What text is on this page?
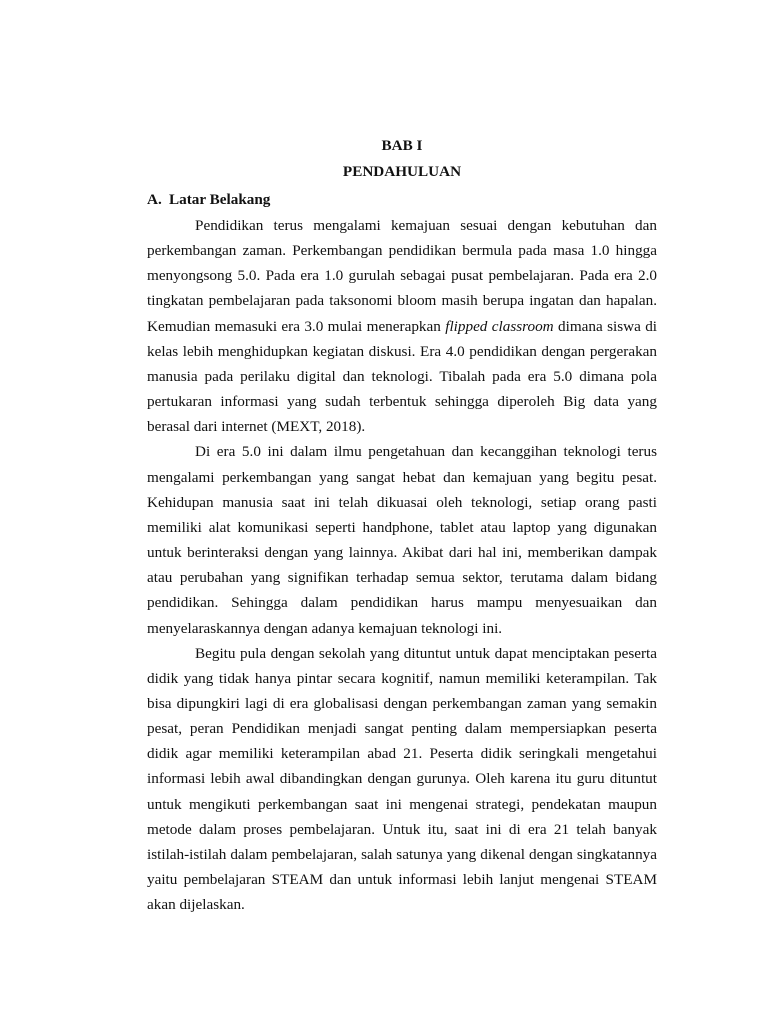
BAB I
PENDAHULUAN
A. Latar Belakang

Pendidikan terus mengalami kemajuan sesuai dengan kebutuhan dan perkembangan zaman. Perkembangan pendidikan bermula pada masa 1.0 hingga menyongsong 5.0. Pada era 1.0 gurulah sebagai pusat pembelajaran. Pada era 2.0 tingkatan pembelajaran pada taksonomi bloom masih berupa ingatan dan hapalan. Kemudian memasuki era 3.0 mulai menerapkan flipped classroom dimana siswa di kelas lebih menghidupkan kegiatan diskusi. Era 4.0 pendidikan dengan pergerakan manusia pada perilaku digital dan teknologi. Tibalah pada era 5.0 dimana pola pertukaran informasi yang sudah terbentuk sehingga diperoleh Big data yang berasal dari internet (MEXT, 2018).

Di era 5.0 ini dalam ilmu pengetahuan dan kecanggihan teknologi terus mengalami perkembangan yang sangat hebat dan kemajuan yang begitu pesat. Kehidupan manusia saat ini telah dikuasai oleh teknologi, setiap orang pasti memiliki alat komunikasi seperti handphone, tablet atau laptop yang digunakan untuk berinteraksi dengan yang lainnya. Akibat dari hal ini, memberikan dampak atau perubahan yang signifikan terhadap semua sektor, terutama dalam bidang pendidikan. Sehingga dalam pendidikan harus mampu menyesuaikan dan menyelaraskannya dengan adanya kemajuan teknologi ini.

Begitu pula dengan sekolah yang dituntut untuk dapat menciptakan peserta didik yang tidak hanya pintar secara kognitif, namun memiliki keterampilan. Tak bisa dipungkiri lagi di era globalisasi dengan perkembangan zaman yang semakin pesat, peran Pendidikan menjadi sangat penting dalam mempersiapkan peserta didik agar memiliki keterampilan abad 21. Peserta didik seringkali mengetahui informasi lebih awal dibandingkan dengan gurunya. Oleh karena itu guru dituntut untuk mengikuti perkembangan saat ini mengenai strategi, pendekatan maupun metode dalam proses pembelajaran. Untuk itu, saat ini di era 21 telah banyak istilah-istilah dalam pembelajaran, salah satunya yang dikenal dengan singkatannya yaitu pembelajaran STEAM dan untuk informasi lebih lanjut mengenai STEAM akan dijelaskan.
